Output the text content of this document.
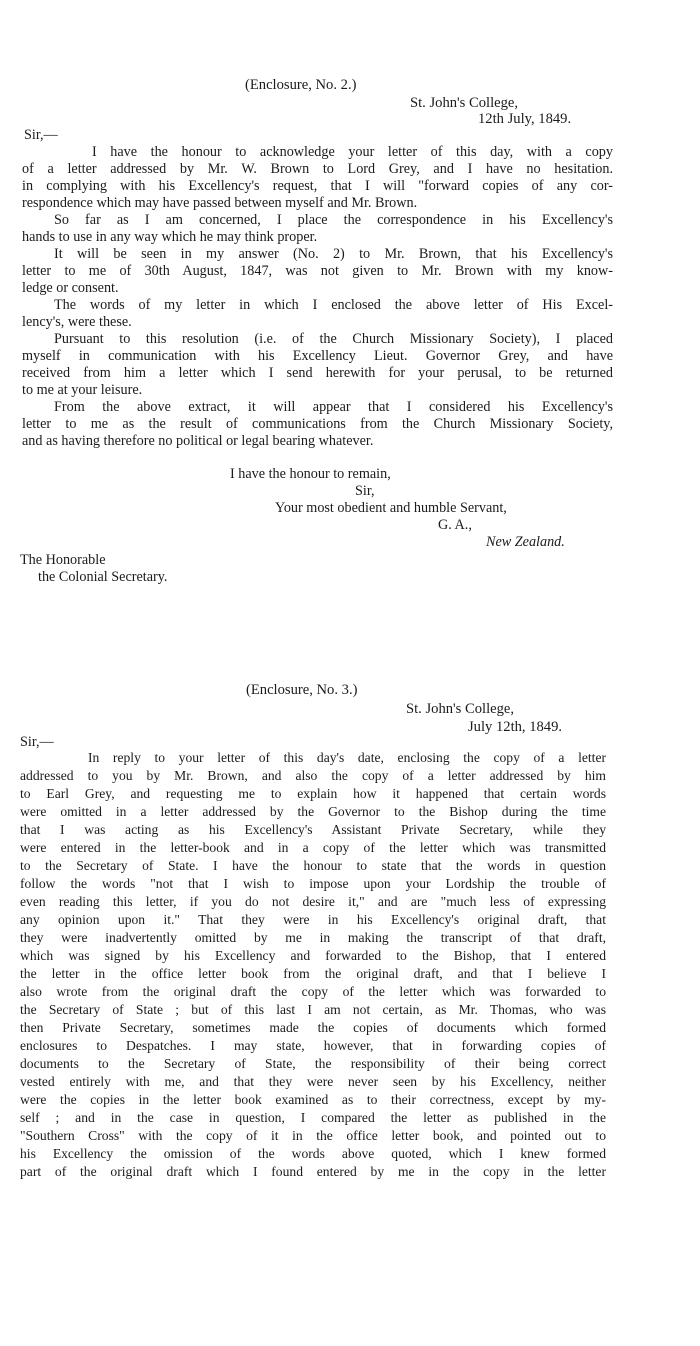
(Enclosure, No. 2.)
St. John's College,
12th July, 1849.
Sir,—
I have the honour to acknowledge your letter of this day, with a copy
of a letter addressed by Mr. W. Brown to Lord Grey, and I have no hesitation.
in complying with his Excellency's request, that I will "forward copies of any cor-
respondence which may have passed between myself and Mr. Brown.
So far as I am concerned, I place the correspondence in his Excellency's
hands to use in any way which he may think proper.
It will be seen in my answer (No. 2) to Mr. Brown, that his Excellency's
letter to me of 30th August, 1847, was not given to Mr. Brown with my know-
ledge or consent.
The words of my letter in which I enclosed the above letter of His Excel-
lency's, were these.
Pursuant to this resolution (i.e. of the Church Missionary Society), I placed
myself in communication with his Excellency Lieut. Governor Grey, and have
received from him a letter which I send herewith for your perusal, to be returned
to me at your leisure.
From the above extract, it will appear that I considered his Excellency's
letter to me as the result of communications from the Church Missionary Society,
and as having therefore no political or legal bearing whatever.
I have the honour to remain,
Sir,
Your most obedient and humble Servant,
G. A.,
New Zealand.
The Honorable
the Colonial Secretary.
(Enclosure, No. 3.)
St. John's College,
July 12th, 1849.
Sir,—
In reply to your letter of this day's date, enclosing the copy of a letter
addressed to you by Mr. Brown, and also the copy of a letter addressed by him
to Earl Grey, and requesting me to explain how it happened that certain words
were omitted in a letter addressed by the Governor to the Bishop during the time
that I was acting as his Excellency's Assistant Private Secretary, while they
were entered in the letter-book and in a copy of the letter which was transmitted
to the Secretary of State. I have the honour to state that the words in question
follow the words "not that I wish to impose upon your Lordship the trouble of
even reading this letter, if you do not desire it," and are "much less of expressing
any opinion upon it." That they were in his Excellency's original draft, that
they were inadvertently omitted by me in making the transcript of that draft,
which was signed by his Excellency and forwarded to the Bishop, that I entered
the letter in the office letter book from the original draft, and that I believe I
also wrote from the original draft the copy of the letter which was forwarded to
the Secretary of State ; but of this last I am not certain, as Mr. Thomas, who was
then Private Secretary, sometimes made the copies of documents which formed
enclosures to Despatches. I may state, however, that in forwarding copies of
documents to the Secretary of State, the responsibility of their being correct
vested entirely with me, and that they were never seen by his Excellency, neither
were the copies in the letter book examined as to their correctness, except by my-
self ; and in the case in question, I compared the letter as published in the
"Southern Cross" with the copy of it in the office letter book, and pointed out to
his Excellency the omission of the words above quoted, which I knew formed
part of the original draft which I found entered by me in the copy in the letter
